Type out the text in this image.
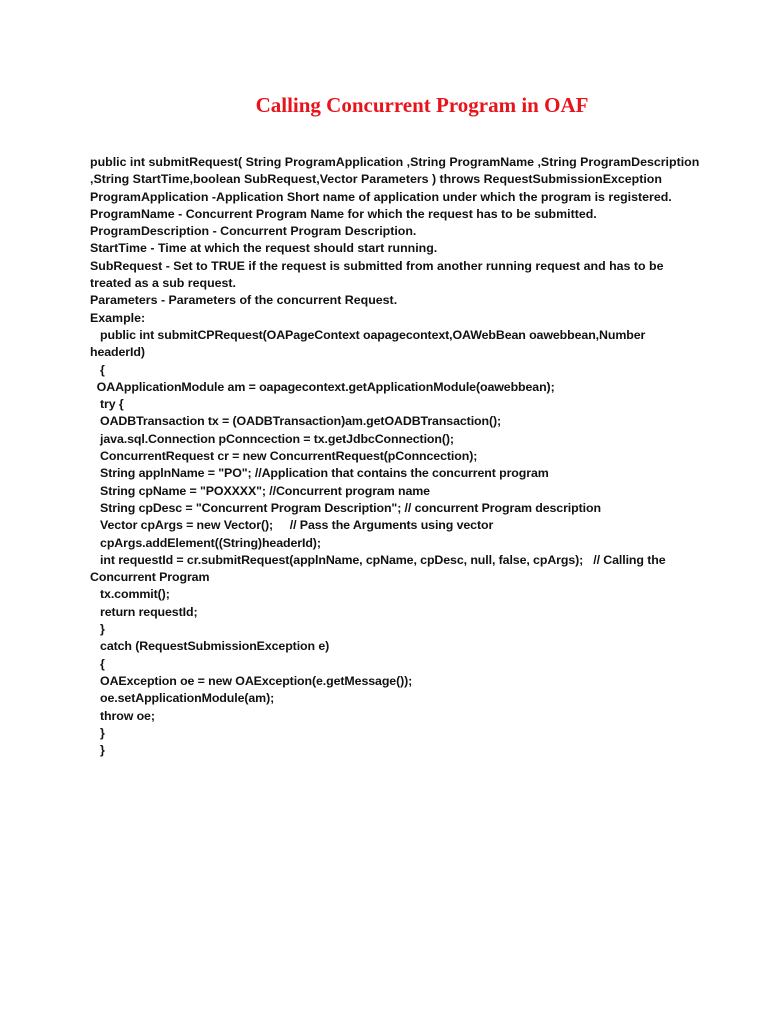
Calling Concurrent Program in OAF
public int submitRequest( String ProgramApplication ,String ProgramName ,String ProgramDescription
,String StartTime,boolean SubRequest,Vector Parameters ) throws RequestSubmissionException
ProgramApplication -Application Short name of application under which the program is registered.
ProgramName - Concurrent Program Name for which the request has to be submitted.
ProgramDescription - Concurrent Program Description.
StartTime - Time at which the request should start running.
SubRequest - Set to TRUE if the request is submitted from another running request and has to be
treated as a sub request.
Parameters - Parameters of the concurrent Request.
Example:
public int submitCPRequest(OAPageContext oapagecontext,OAWebBean oawebbean,Number
headerId)
{
OAApplicationModule am = oapagecontext.getApplicationModule(oawebbean);
try {
OADBTransaction tx = (OADBTransaction)am.getOADBTransaction();
java.sql.Connection pConncection = tx.getJdbcConnection();
ConcurrentRequest cr = new ConcurrentRequest(pConncection);
String applnName = "PO"; //Application that contains the concurrent program
String cpName = "POXXXX"; //Concurrent program name
String cpDesc = "Concurrent Program Description"; // concurrent Program description
Vector cpArgs = new Vector();     // Pass the Arguments using vector
cpArgs.addElement((String)headerId);
int requestId = cr.submitRequest(applnName, cpName, cpDesc, null, false, cpArgs);   // Calling the
Concurrent Program
tx.commit();
return requestId;
}
catch (RequestSubmissionException e)
{
OAException oe = new OAException(e.getMessage());
oe.setApplicationModule(am);
throw oe;
}
}
